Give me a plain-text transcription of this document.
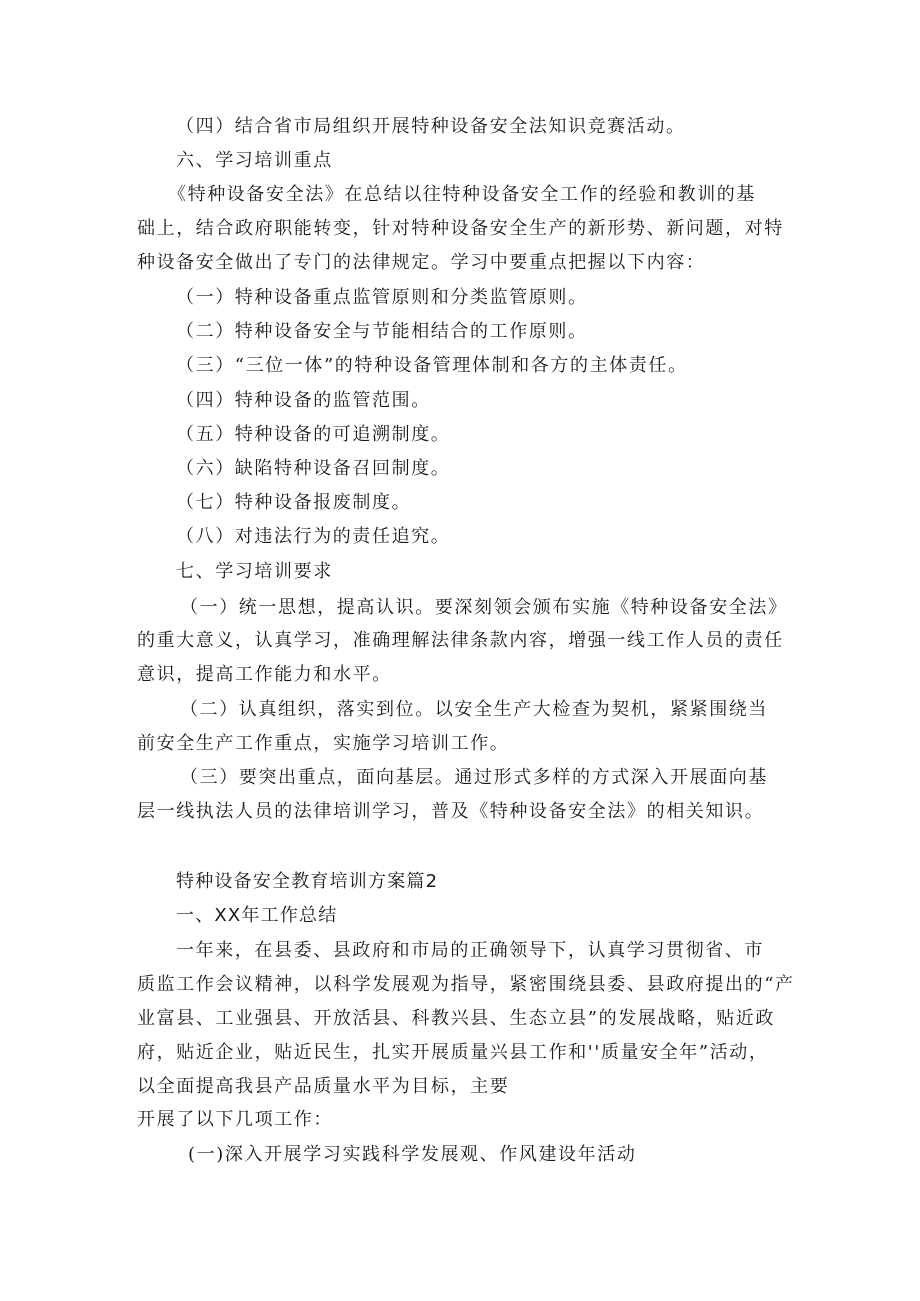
（四）结合省市局组织开展特种设备安全法知识竞赛活动。
六、学习培训重点
《特种设备安全法》在总结以往特种设备安全工作的经验和教训的基
础上，结合政府职能转变，针对特种设备安全生产的新形势、新问题，对特
种设备安全做出了专门的法律规定。学习中要重点把握以下内容：
（一）特种设备重点监管原则和分类监管原则。
（二）特种设备安全与节能相结合的工作原则。
（三）“三位一体”的特种设备管理体制和各方的主体责任。
（四）特种设备的监管范围。
（五）特种设备的可追溯制度。
（六）缺陷特种设备召回制度。
（七）特种设备报废制度。
（八）对违法行为的责任追究。
七、学习培训要求
（一）统一思想，提高认识。要深刻领会颁布实施《特种设备安全法》
的重大意义，认真学习，准确理解法律条款内容，增强一线工作人员的责任
意识，提高工作能力和水平。
（二）认真组织，落实到位。以安全生产大检查为契机，紧紧围绕当
前安全生产工作重点，实施学习培训工作。
（三）要突出重点，面向基层。通过形式多样的方式深入开展面向基
层一线执法人员的法律培训学习，普及《特种设备安全法》的相关知识。
特种设备安全教育培训方案篇2
一、XX年工作总结
一年来，在县委、县政府和市局的正确领导下，认真学习贯彻省、市
质监工作会议精神，以科学发展观为指导，紧密围绕县委、县政府提出的“产
业富县、工业强县、开放活县、科教兴县、生态立县”的发展战略，贴近政
府，贴近企业，贴近民生，扎实开展质量兴县工作和''质量安全年”活动，
以全面提高我县产品质量水平为目标，主要
开展了以下几项工作：
(一)深入开展学习实践科学发展观、作风建设年活动
